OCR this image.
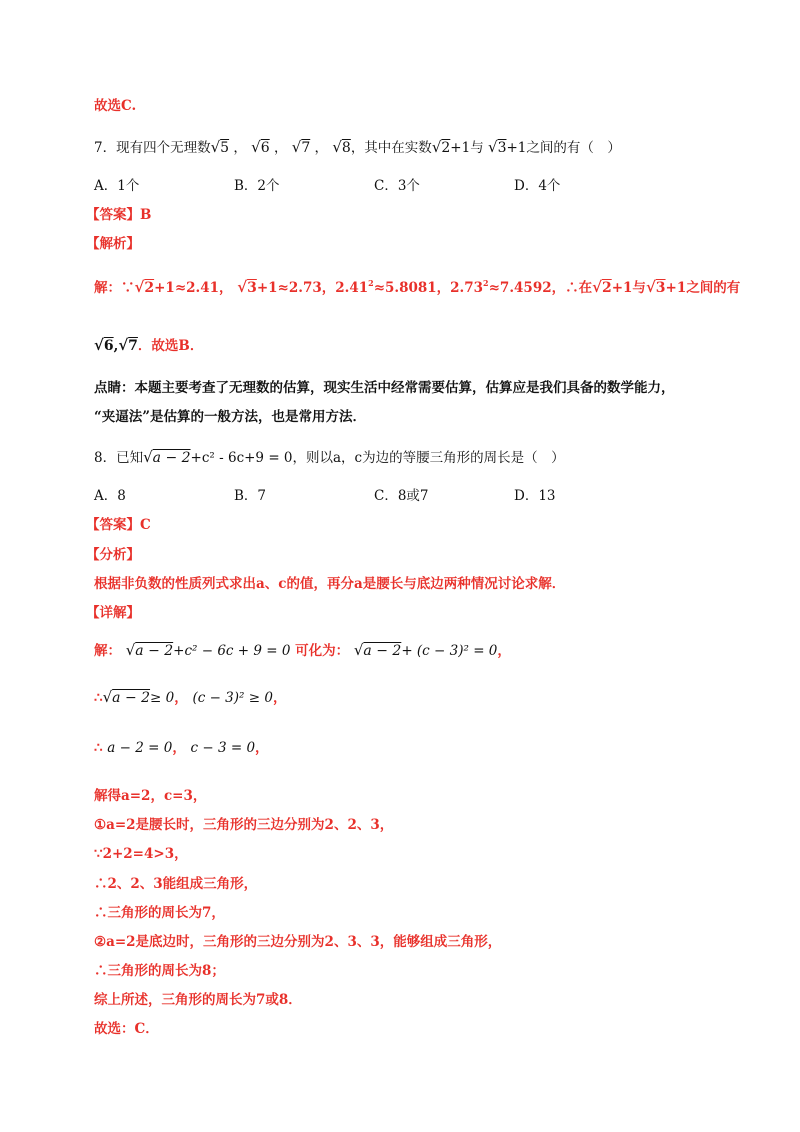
故选C.
7．现有四个无理数√5 ， √6 ， √7 ， √8，其中在实数√2+1与 √3+1之间的有（　）
A．1个	B．2个	C．3个	D．4个
【答案】B
【解析】
解：∵√2+1≈2.41， √3+1≈2.73，$2.41^2\approx 5.8081$，$2.73^2\approx 7.4592$，∴在√2+1与√3+1之间的有
√6,√7．故选B．
点睛：本题主要考查了无理数的估算，现实生活中经常需要估算，估算应是我们具备的数学能力，
“夹逼法”是估算的一般方法，也是常用方法．
8．已知√a − 2+c² - 6c+9 = 0，则以a，c为边的等腰三角形的周长是（　）
A．8	B．7	C．8或7	D．13
【答案】C
【分析】
根据非负数的性质列式求出a、c的值，再分a是腰长与底边两种情况讨论求解．
【详解】
解： √a − 2+c² − 6c + 9 = 0 可化为： √a − 2+ (c − 3)² = 0，
∴√a − 2≥ 0， (c − 3)² ≥ 0，
∴ a − 2 = 0， c − 3 = 0，
解得a=2，c=3，
①a=2是腰长时，三角形的三边分别为2、2、3，
∵2+2=4>3，
∴2、2、3能组成三角形，
∴三角形的周长为7，
②a=2是底边时，三角形的三边分别为2、3、3，能够组成三角形，
∴三角形的周长为8；
综上所述，三角形的周长为7或8．
故选：C．
